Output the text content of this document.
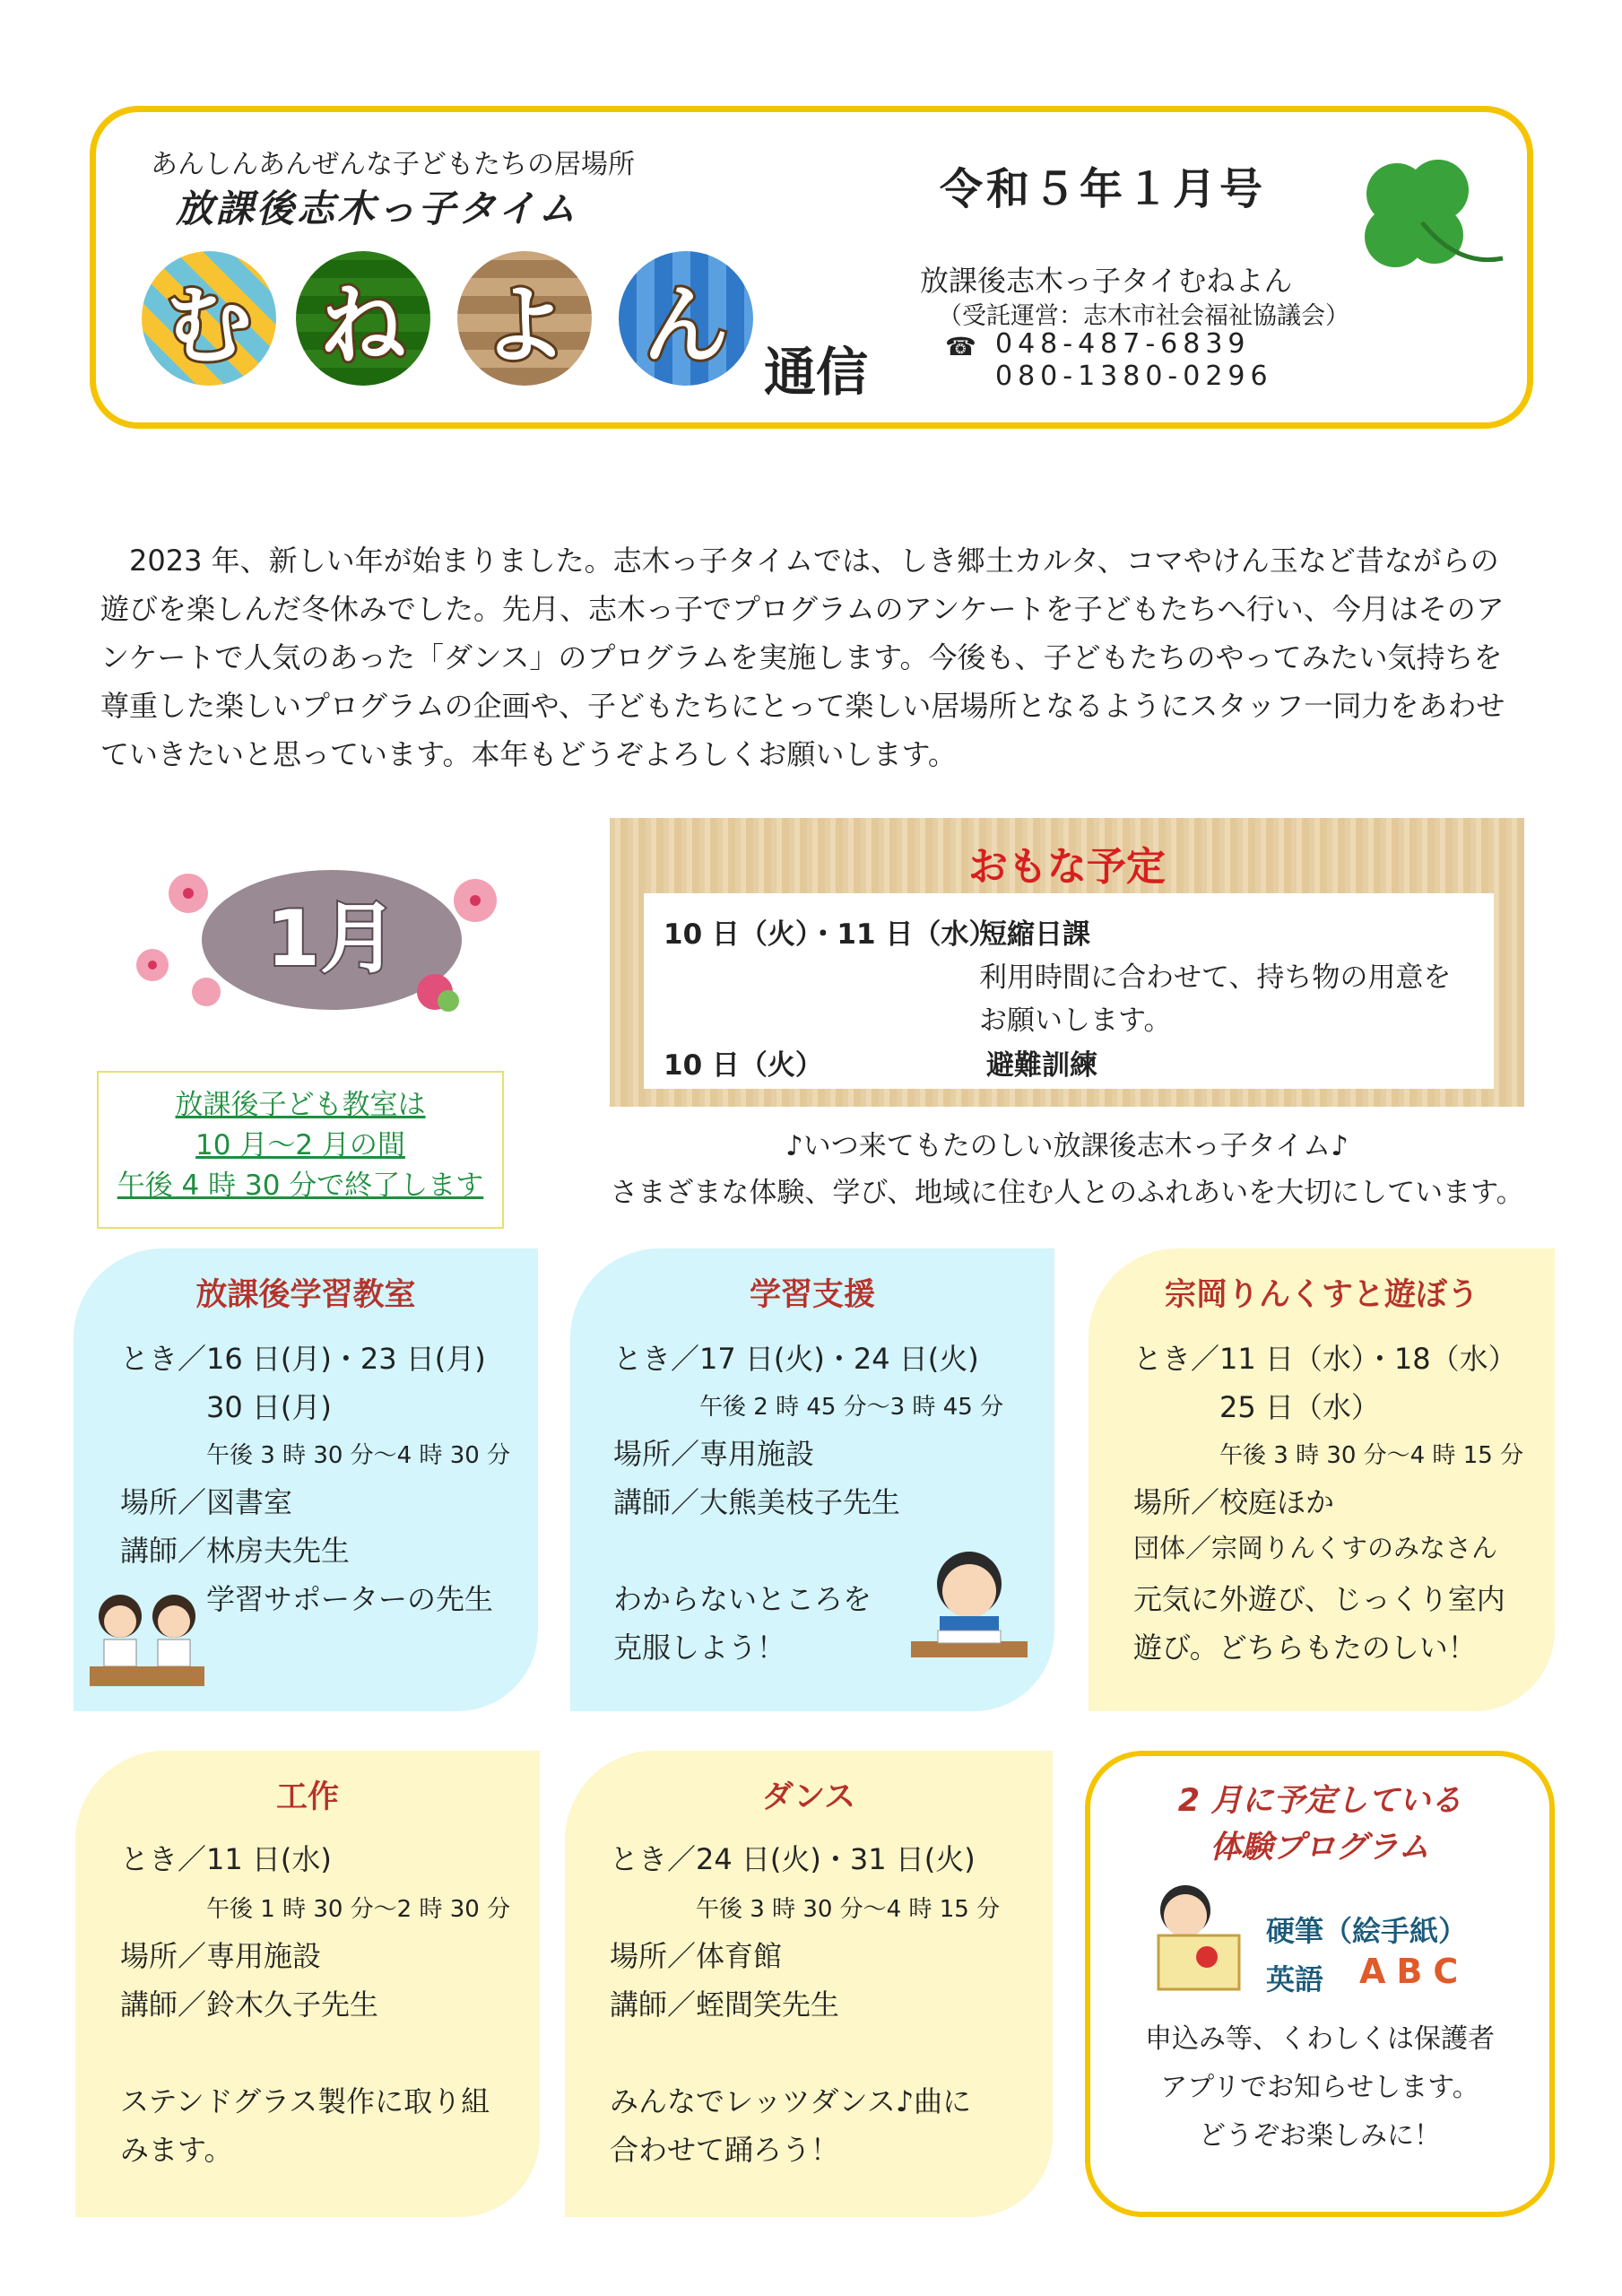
あんしんあんぜんな子どもたちの居場所
放課後志木っ子タイム
む ね よ ん 通信
令和５年１月号
放課後志木っ子タイむねよん
（受託運営：志木市社会福祉協議会）
☎ 048-487-6839
080-1380-0296

2023 年、新しい年が始まりました。志木っ子タイムでは、しき郷土カルタ、コマやけん玉など昔ながらの遊びを楽しんだ冬休みでした。先月、志木っ子でプログラムのアンケートを子どもたちへ行い、今月はそのアンケートで人気のあった「ダンス」のプログラムを実施します。今後も、子どもたちのやってみたい気持ちを尊重した楽しいプログラムの企画や、子どもたちにとって楽しい居場所となるようにスタッフ一同力をあわせていきたいと思っています。本年もどうぞよろしくお願いします。

1月
放課後子ども教室は
10 月～2 月の間
午後 4 時 30 分で終了します
おもな予定
10 日（火）・11 日（水）
短縮日課
利用時間に合わせて、持ち物の用意を
お願いします。
10 日（火）	避難訓練
♪いつ来てもたのしい放課後志木っ子タイム♪
さまざまな体験、学び、地域に住む人とのふれあいを大切にしています。
放課後学習教室
とき／16 日(月)・23 日(月)
30 日(月)
午後 3 時 30 分～4 時 30 分
場所／図書室
講師／林房夫先生
学習サポーターの先生
学習支援
とき／17 日(火)・24 日(火)
午後 2 時 45 分～3 時 45 分
場所／専用施設
講師／大熊美枝子先生
わからないところを
克服しよう！
宗岡りんくすと遊ぼう
とき／11 日（水）・18（水）
25 日（水）
午後 3 時 30 分～4 時 15 分
場所／校庭ほか
団体／宗岡りんくすのみなさん
元気に外遊び、じっくり室内
遊び。どちらもたのしい！
工作
とき／11 日(水)
午後 1 時 30 分～2 時 30 分
場所／専用施設
講師／鈴木久子先生
ステンドグラス製作に取り組
みます。
ダンス
とき／24 日(火)・31 日(火)
午後 3 時 30 分～4 時 15 分
場所／体育館
講師／蛭間笑先生
みんなでレッツダンス♪曲に
合わせて踊ろう！
2 月に予定している
体験プログラム
硬筆（絵手紙）
英語 ABC
申込み等、くわしくは保護者
アプリでお知らせします。
どうぞお楽しみに！
